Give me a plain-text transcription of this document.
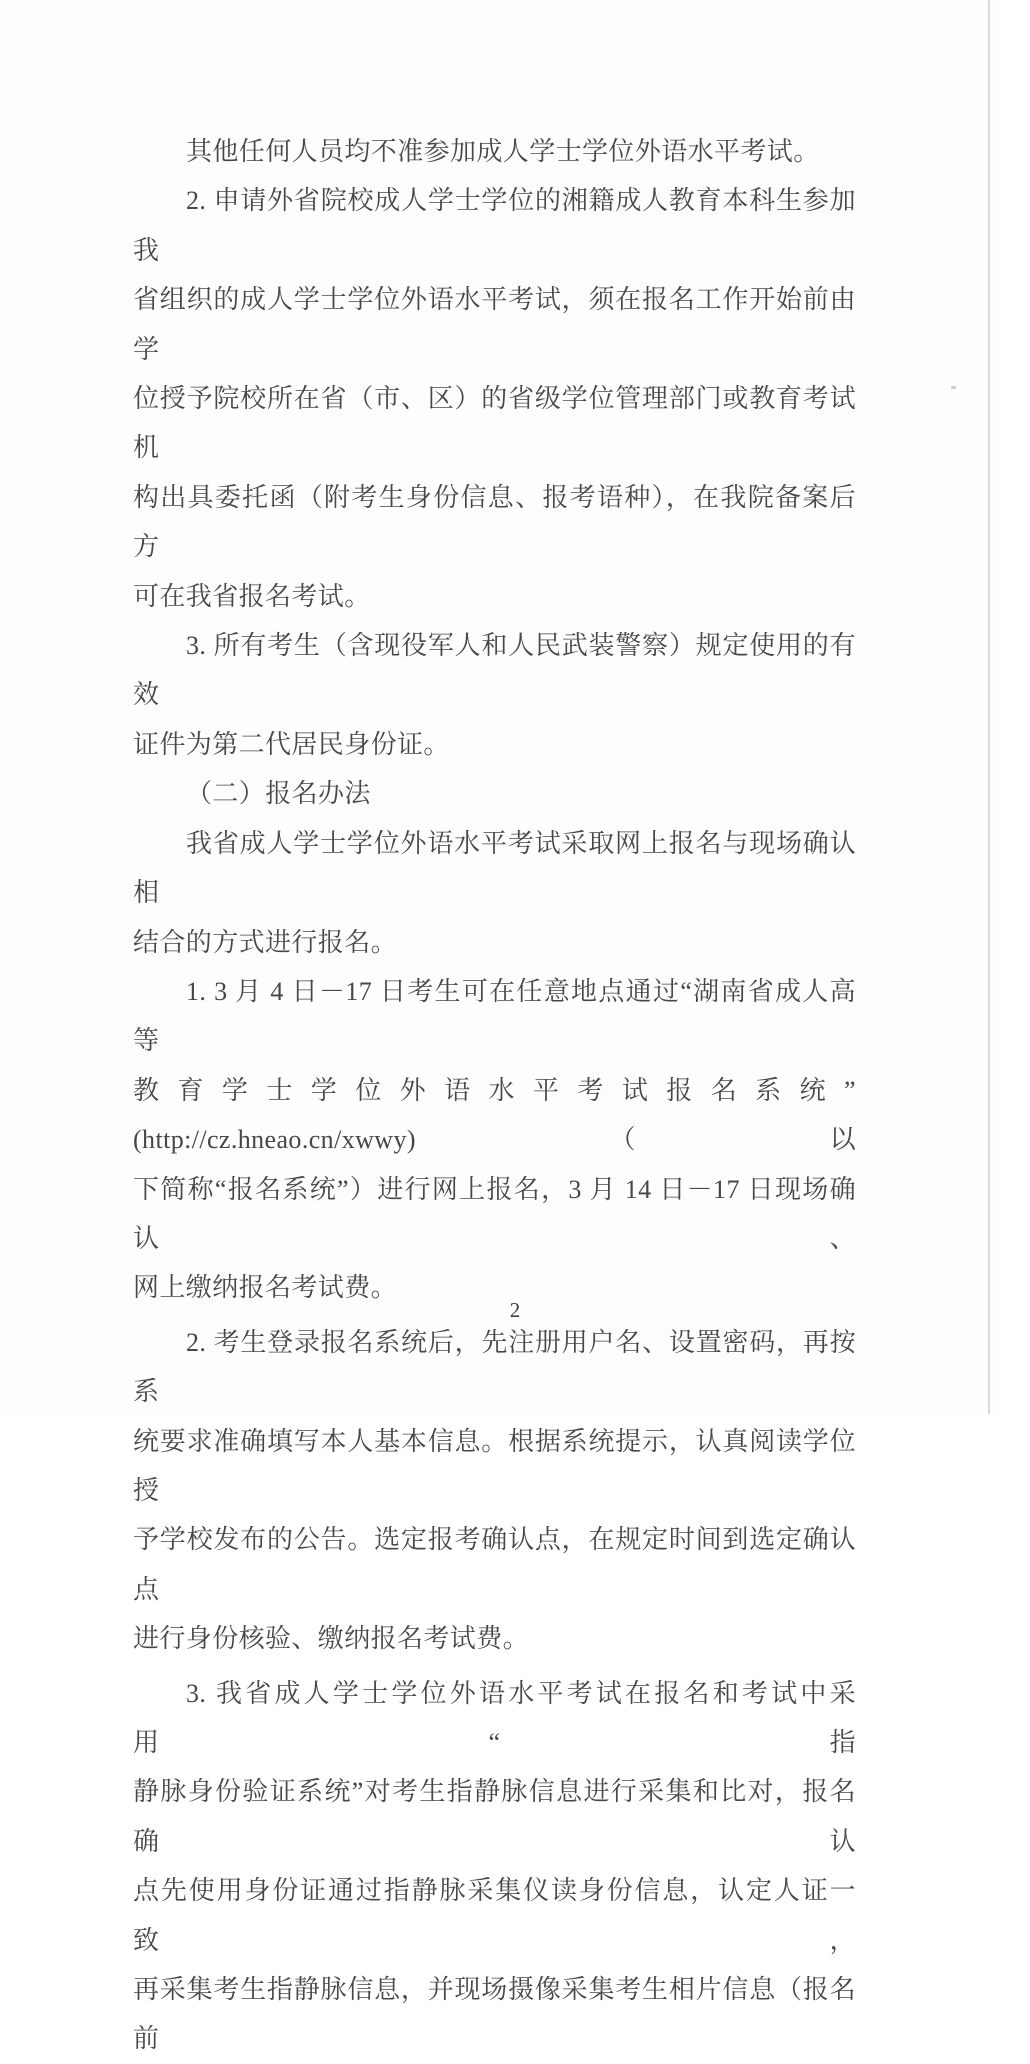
其他任何人员均不准参加成人学士学位外语水平考试。
2. 申请外省院校成人学士学位的湘籍成人教育本科生参加我
省组织的成人学士学位外语水平考试，须在报名工作开始前由学
位授予院校所在省（市、区）的省级学位管理部门或教育考试机
构出具委托函（附考生身份信息、报考语种），在我院备案后方
可在我省报名考试。
3. 所有考生（含现役军人和人民武装警察）规定使用的有效
证件为第二代居民身份证。
（二）报名办法
我省成人学士学位外语水平考试采取网上报名与现场确认相
结合的方式进行报名。
1. 3 月 4 日－17 日考生可在任意地点通过“湖南省成人高等
教育学士学位外语水平考试报名系统” (http://cz.hneao.cn/xwwy)（以
下简称“报名系统”）进行网上报名，3 月 14 日－17 日现场确认、
网上缴纳报名考试费。
2. 考生登录报名系统后，先注册用户名、设置密码，再按系
统要求准确填写本人基本信息。根据系统提示，认真阅读学位授
予学校发布的公告。选定报考确认点，在规定时间到选定确认点
进行身份核验、缴纳报名考试费。
3. 我省成人学士学位外语水平考试在报名和考试中采用“指
静脉身份验证系统”对考生指静脉信息进行采集和比对，报名确认
点先使用身份证通过指静脉采集仪读身份信息，认定人证一致，
再采集考生指静脉信息，并现场摄像采集考生相片信息（报名前
2
